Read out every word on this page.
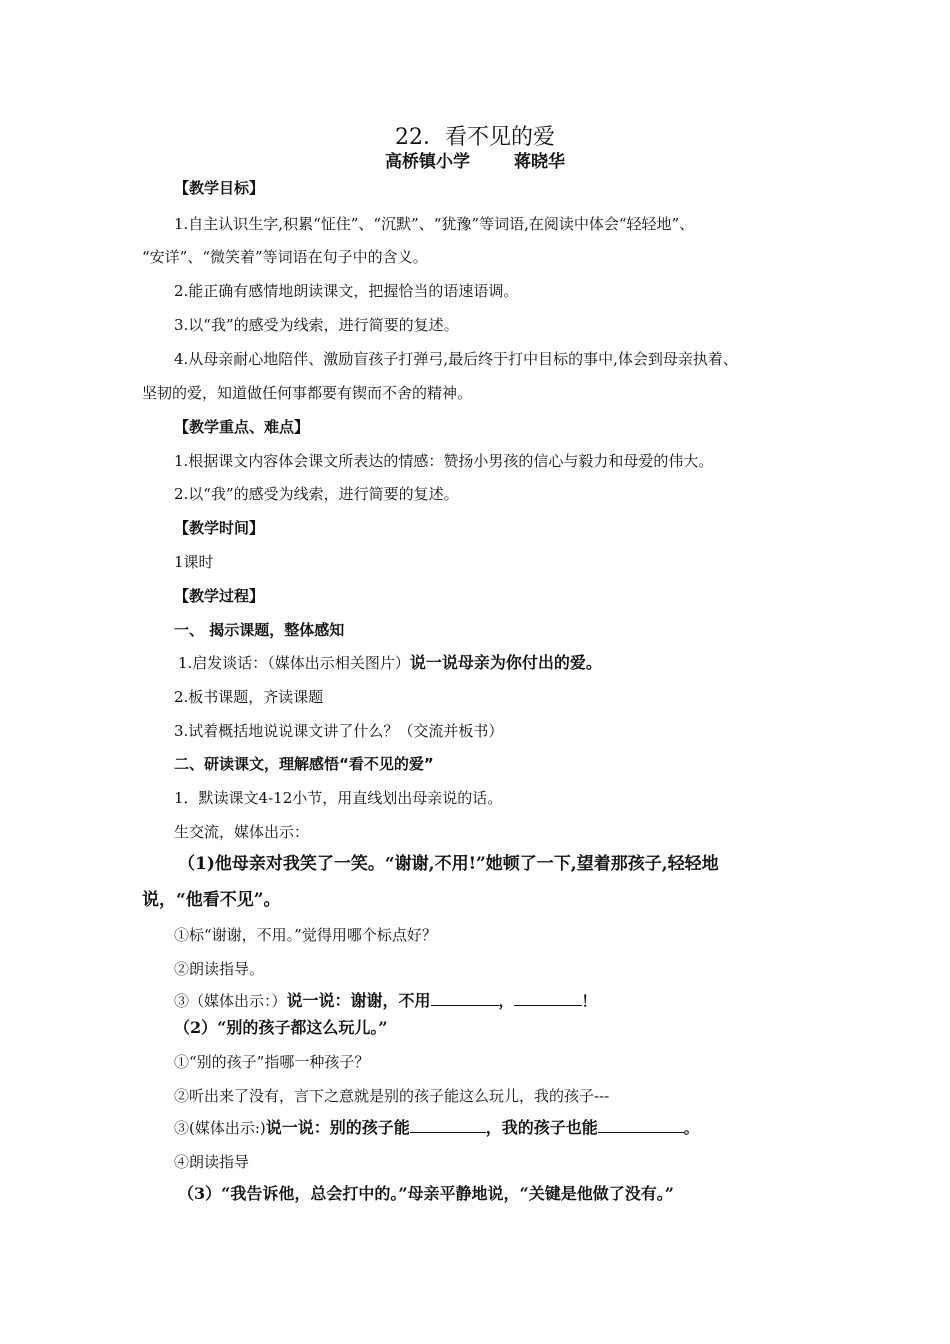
22．看不见的爱
高桥镇小学	蒋晓华
【教学目标】
1.自主认识生字,积累“怔住”、“沉默”、“犹豫”等词语,在阅读中体会“轻轻地”、
“安详”、“微笑着”等词语在句子中的含义。
2.能正确有感情地朗读课文，把握恰当的语速语调。
3.以“我”的感受为线索，进行简要的复述。
4.从母亲耐心地陪伴、激励盲孩子打弹弓,最后终于打中目标的事中,体会到母亲执着、
坚韧的爱，知道做任何事都要有锲而不舍的精神。
【教学重点、难点】
1.根据课文内容体会课文所表达的情感：赞扬小男孩的信心与毅力和母爱的伟大。
2.以“我”的感受为线索，进行简要的复述。
【教学时间】
1课时
【教学过程】
一、 揭示课题，整体感知
1.启发谈话：（媒体出示相关图片）说一说母亲为你付出的爱。
2.板书课题，齐读课题
3.试着概括地说说课文讲了什么？（交流并板书）
二、研读课文，理解感悟“看不见的爱”
1．默读课文4-12小节，用直线划出母亲说的话。
生交流，媒体出示：
（1)他母亲对我笑了一笑。“谢谢,不用!”她顿了一下,望着那孩子,轻轻地
说，“他看不见”。
①标“谢谢，不用。”觉得用哪个标点好？
②朗读指导。
③（媒体出示：）说一说：谢谢，不用	，	！
（2）“别的孩子都这么玩儿。”
①“别的孩子”指哪一种孩子？
②听出来了没有，言下之意就是别的孩子能这么玩儿，我的孩子---
③(媒体出示:)说一说：别的孩子能	，我的孩子也能	。
④朗读指导
（3）“我告诉他，总会打中的。”母亲平静地说，“关键是他做了没有。”
